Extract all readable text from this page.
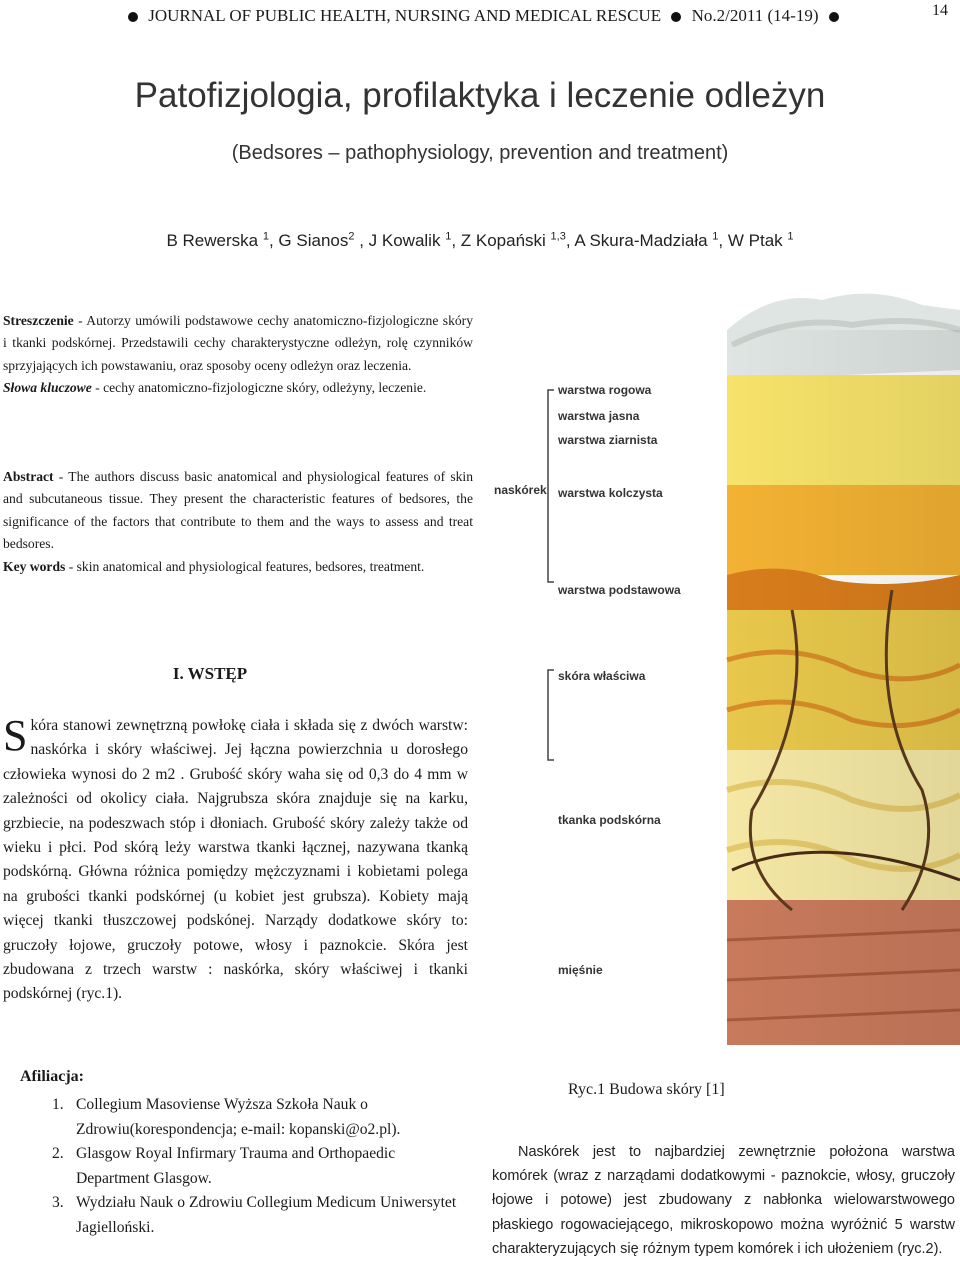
JOURNAL OF PUBLIC HEALTH, NURSING AND MEDICAL RESCUE No.2/2011 (14-19)	14
Patofizjologia, profilaktyka i leczenie odleżyn
(Bedsores – pathophysiology, prevention and treatment)
B Rewerska $^1$, G Sianos$^2$ , J Kowalik $^1$, Z Kopański $^{1,3}$, A Skura-Madziała $^1$, W Ptak $^1$
Streszczenie - Autorzy umówili podstawowe cechy anatomiczno-fizjologiczne skóry i tkanki podskórnej. Przedstawili cechy charakterystyczne odleżyn, rolę czynników sprzyjających ich powstawaniu, oraz sposoby oceny odleżyn oraz leczenia.
Słowa kluczowe - cechy anatomiczno-fizjologiczne skóry, odleżyny, leczenie.
Abstract - The authors discuss basic anatomical and physiological features of skin and subcutaneous tissue. They present the characteristic features of bedsores, the significance of the factors that contribute to them and the ways to assess and treat bedsores.
Key words - skin anatomical and physiological features, bedsores, treatment.
I. WSTĘP
Skóra stanowi zewnętrzną powłokę ciała i składa się z dwóch warstw: naskórka i skóry właściwej. Jej łączna powierzchnia u dorosłego człowieka wynosi do 2 m2 . Grubość skóry waha się od 0,3 do 4 mm w zależności od okolicy ciała. Najgrubsza skóra znajduje się na karku, grzbiecie, na podeszwach stóp i dłoniach. Grubość skóry zależy także od wieku i płci. Pod skórą leży warstwa tkanki łącznej, nazywana tkanką podskórną. Główna różnica pomiędzy mężczyznami i kobietami polega na grubości tkanki podskórnej (u kobiet jest grubsza). Kobiety mają więcej tkanki tłuszczowej podskónej. Narządy dodatkowe skóry to: gruczoły łojowe, gruczoły potowe, włosy i paznokcie. Skóra jest zbudowana z trzech warstw : naskórka, skóry właściwej i tkanki podskórnej (ryc.1).
Afiliacja:
1. Collegium Masoviense Wyższa Szkoła Nauk o Zdrowiu(korespondencja; e-mail: kopanski@o2.pl).
2. Glasgow Royal Infirmary Trauma and Orthopaedic Department Glasgow.
3. Wydziału Nauk o Zdrowiu Collegium Medicum Uniwersytet Jagielloński.
warstwa rogowa
warstwa jasna
warstwa ziarnista
naskórek warstwa kolczysta
warstwa podstawowa
skóra właściwa
tkanka podskórna
mięśnie
Ryc.1 Budowa skóry [1]
Naskórek jest to najbardziej zewnętrznie położona warstwa komórek (wraz z narządami dodatkowymi - paznokcie, włosy, gruczoły łojowe i potowe) jest zbudowany z nabłonka wielowarstwowego płaskiego rogowaciejącego, mikroskopowo można wyróżnić 5 warstw charakteryzujących się różnym typem komórek i ich ułożeniem (ryc.2).
